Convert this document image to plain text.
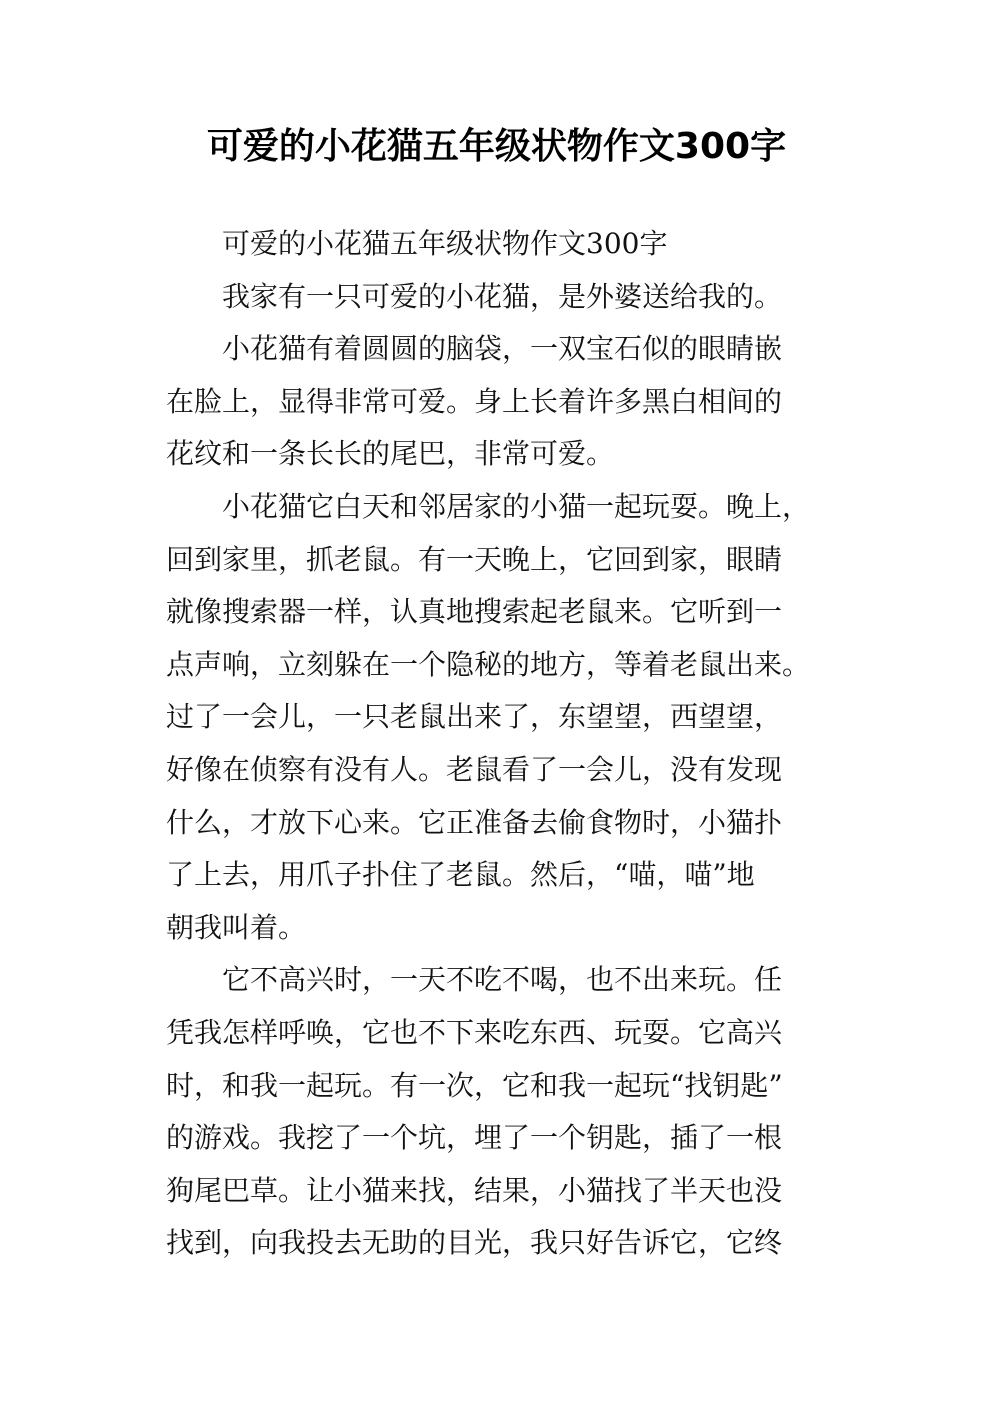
可爱的小花猫五年级状物作文300字
　　可爱的小花猫五年级状物作文300字
　　我家有一只可爱的小花猫，是外婆送给我的。
　　小花猫有着圆圆的脑袋，一双宝石似的眼睛嵌
在脸上，显得非常可爱。身上长着许多黑白相间的
花纹和一条长长的尾巴，非常可爱。
　　小花猫它白天和邻居家的小猫一起玩耍。晚上，
回到家里，抓老鼠。有一天晚上，它回到家，眼睛
就像搜索器一样，认真地搜索起老鼠来。它听到一
点声响，立刻躲在一个隐秘的地方，等着老鼠出来。
过了一会儿，一只老鼠出来了，东望望，西望望，
好像在侦察有没有人。老鼠看了一会儿，没有发现
什么，才放下心来。它正准备去偷食物时，小猫扑
了上去，用爪子扑住了老鼠。然后，“喵，喵”地
朝我叫着。
　　它不高兴时，一天不吃不喝，也不出来玩。任
凭我怎样呼唤，它也不下来吃东西、玩耍。它高兴
时，和我一起玩。有一次，它和我一起玩“找钥匙”
的游戏。我挖了一个坑，埋了一个钥匙，插了一根
狗尾巴草。让小猫来找，结果，小猫找了半天也没
找到，向我投去无助的目光，我只好告诉它，它终
